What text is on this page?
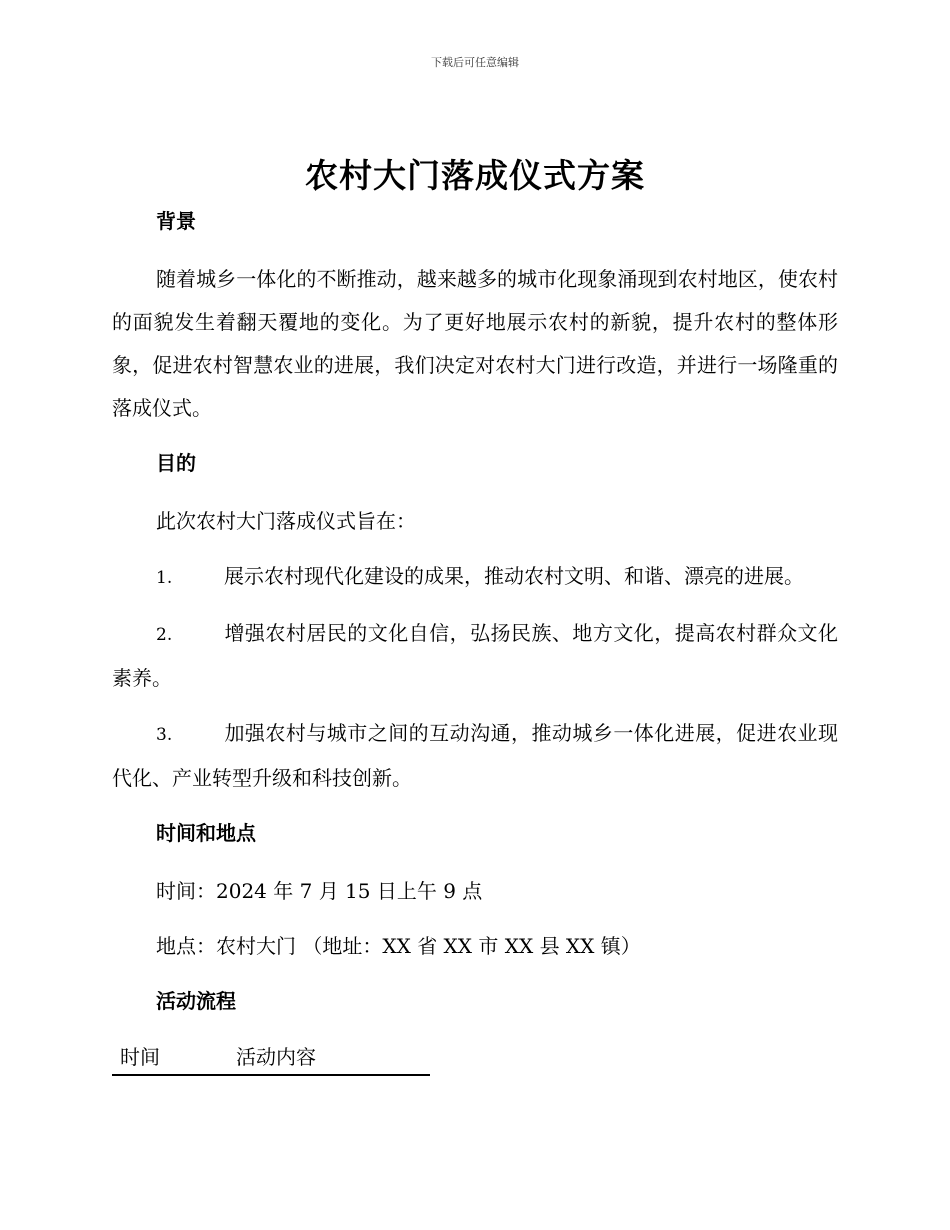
下载后可任意编辑
农村大门落成仪式方案

背景

随着城乡一体化的不断推动，越来越多的城市化现象涌现到农村地区，使农村的面貌发生着翻天覆地的变化。为了更好地展示农村的新貌，提升农村的整体形象，促进农村智慧农业的进展，我们决定对农村大门进行改造，并进行一场隆重的落成仪式。

目的

此次农村大门落成仪式旨在：

1.	展示农村现代化建设的成果，推动农村文明、和谐、漂亮的进展。

2.	增强农村居民的文化自信，弘扬民族、地方文化，提高农村群众文化素养。

3.	加强农村与城市之间的互动沟通，推动城乡一体化进展，促进农业现代化、产业转型升级和科技创新。

时间和地点

时间：2024 年 7 月 15 日上午 9 点

地点：农村大门 （地址：XX 省 XX 市 XX 县 XX 镇）

活动流程

时间	活动内容
